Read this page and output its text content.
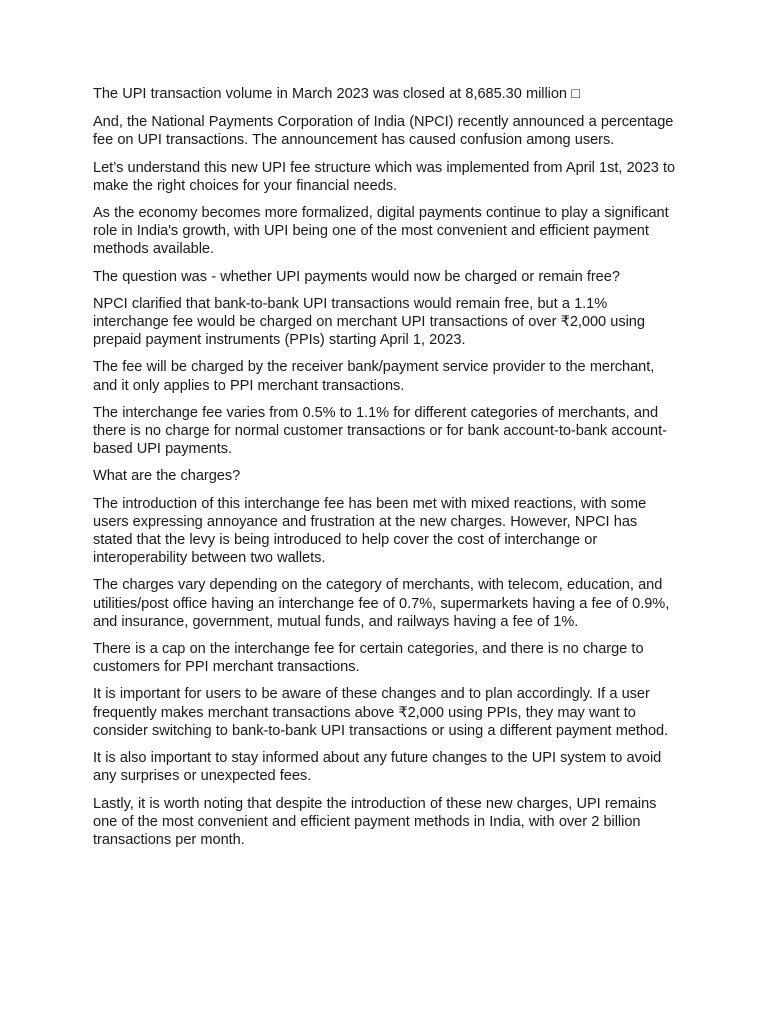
The UPI transaction volume in March 2023 was closed at 8,685.30 million □

And, the National Payments Corporation of India (NPCI) recently announced a percentage fee on UPI transactions. The announcement has caused confusion among users.

Let’s understand this new UPI fee structure which was implemented from April 1st, 2023 to make the right choices for your financial needs.

As the economy becomes more formalized, digital payments continue to play a significant role in India's growth, with UPI being one of the most convenient and efficient payment methods available.

The question was - whether UPI payments would now be charged or remain free?

NPCI clarified that bank-to-bank UPI transactions would remain free, but a 1.1% interchange fee would be charged on merchant UPI transactions of over ₹2,000 using prepaid payment instruments (PPIs) starting April 1, 2023.

The fee will be charged by the receiver bank/payment service provider to the merchant, and it only applies to PPI merchant transactions.

The interchange fee varies from 0.5% to 1.1% for different categories of merchants, and there is no charge for normal customer transactions or for bank account-to-bank account-based UPI payments.

What are the charges?

The introduction of this interchange fee has been met with mixed reactions, with some users expressing annoyance and frustration at the new charges. However, NPCI has stated that the levy is being introduced to help cover the cost of interchange or interoperability between two wallets.

The charges vary depending on the category of merchants, with telecom, education, and utilities/post office having an interchange fee of 0.7%, supermarkets having a fee of 0.9%, and insurance, government, mutual funds, and railways having a fee of 1%.

There is a cap on the interchange fee for certain categories, and there is no charge to customers for PPI merchant transactions.

It is important for users to be aware of these changes and to plan accordingly. If a user frequently makes merchant transactions above ₹2,000 using PPIs, they may want to consider switching to bank-to-bank UPI transactions or using a different payment method.

It is also important to stay informed about any future changes to the UPI system to avoid any surprises or unexpected fees.

Lastly, it is worth noting that despite the introduction of these new charges, UPI remains one of the most convenient and efficient payment methods in India, with over 2 billion transactions per month.
